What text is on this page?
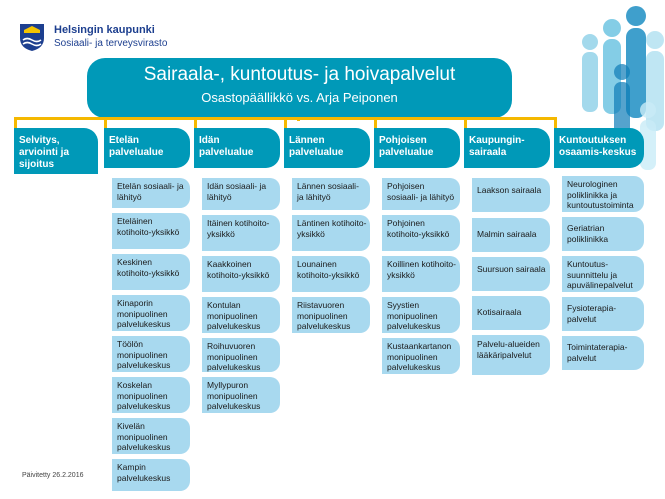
Helsingin kaupunki
Sosiaali- ja terveysvirasto
Sairaala-, kuntoutus- ja hoivapalvelut
Osastopäällikkö vs. Arja Peiponen
Selvitys, arviointi ja sijoitus
Etelän palvelualue
Idän palvelualue
Lännen palvelualue
Pohjoisen palvelualue
Kaupungin-sairaala
Kuntoutuksen osaamis-keskus
Etelän sosiaali- ja lähityö
Eteläinen kotihoito-yksikkö
Keskinen kotihoito-yksikkö
Kinaporin monipuolinen palvelukeskus
Töölön monipuolinen palvelukeskus
Koskelan monipuolinen palvelukeskus
Kivelän monipuolinen palvelukeskus
Kampin palvelukeskus
Idän sosiaali- ja lähityö
Itäinen kotihoito-yksikkö
Kaakkoinen kotihoito-yksikkö
Kontulan monipuolinen palvelukeskus
Roihuvuoren monipuolinen palvelukeskus
Myllypuron monipuolinen palvelukeskus
Lännen sosiaali- ja lähityö
Läntinen kotihoito-yksikkö
Lounainen kotihoito-yksikkö
Riistavuoren monipuolinen palvelukeskus
Pohjoisen sosiaali- ja lähityö
Pohjoinen kotihoito-yksikkö
Koillinen kotihoito-yksikkö
Syystien monipuolinen palvelukeskus
Kustaankartanon monipuolinen palvelukeskus
Laakson sairaala
Malmin sairaala
Suursuon sairaala
Kotisairaala
Palvelu-alueiden lääkäripalvelut
Neurologinen poliklinikka ja kuntoutustoiminta
Geriatrian poliklinikka
Kuntoutus-suunnittelu ja apuvälinepalvelut
Fysioterapia-palvelut
Toimintaterapia-palvelut
Päivitetty 26.2.2016
